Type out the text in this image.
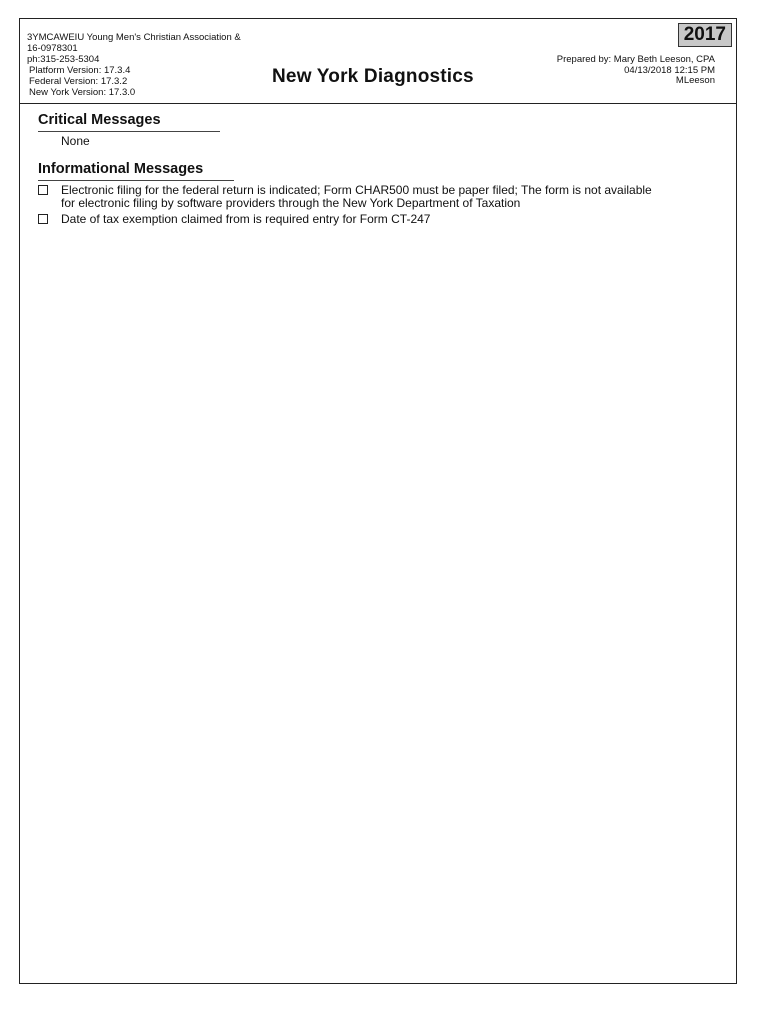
3YMCAWEIU Young Men's Christian Association &
16-0978301
ph:315-253-5304
Platform Version: 17.3.4
Federal Version: 17.3.2
New York Version: 17.3.0
New York Diagnostics
2017
Prepared by: Mary Beth Leeson, CPA
04/13/2018 12:15 PM
MLeeson
Critical Messages
None
Informational Messages
Electronic filing for the federal return is indicated; Form CHAR500 must be paper filed; The form is not available
for electronic filing by software providers through the New York Department of Taxation
Date of tax exemption claimed from is required entry for Form CT-247
